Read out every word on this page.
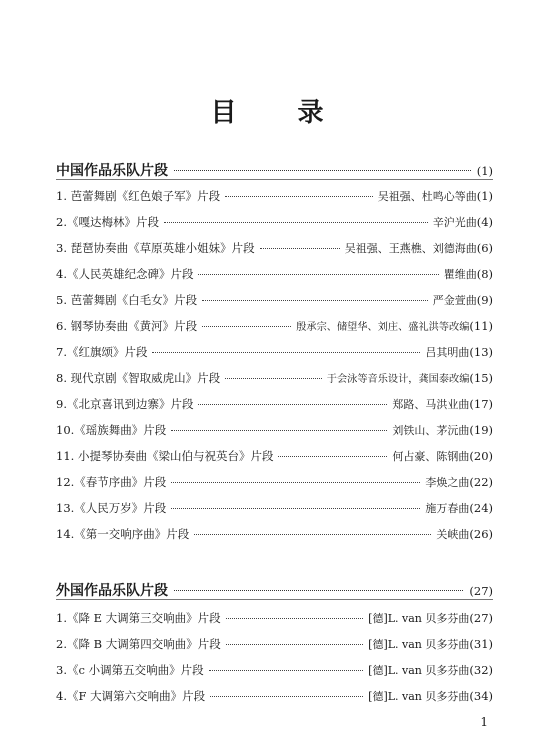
目 录
中国作品乐队片段	(1)
1. 芭蕾舞剧《红色娘子军》片段	吴祖强、杜鸣心等曲 (1)
2.《嘎达梅林》片段	辛沪光曲 (4)
3. 琵琶协奏曲《草原英雄小姐妹》片段	吴祖强、王燕樵、刘德海曲 (6)
4.《人民英雄纪念碑》片段	瞿维曲 (8)
5. 芭蕾舞剧《白毛女》片段	严金萱曲 (9)
6. 钢琴协奏曲《黄河》片段	殷承宗、储望华、刘庄、盛礼洪等改编 (11)
7.《红旗颂》片段	吕其明曲 (13)
8. 现代京剧《智取威虎山》片段	于会泳等音乐设计，龚国泰改编 (15)
9.《北京喜讯到边寨》片段	郑路、马洪业曲 (17)
10.《瑶族舞曲》片段	刘铁山、茅沅曲 (19)
11. 小提琴协奏曲《梁山伯与祝英台》片段	何占豪、陈钢曲 (20)
12.《春节序曲》片段	李焕之曲 (22)
13.《人民万岁》片段	施万春曲 (24)
14.《第一交响序曲》片段	关峡曲 (26)
外国作品乐队片段	(27)
1.《降 E 大调第三交响曲》片段	[德]L. van 贝多芬曲 (27)
2.《降 B 大调第四交响曲》片段	[德]L. van 贝多芬曲 (31)
3.《c 小调第五交响曲》片段	[德]L. van 贝多芬曲 (32)
4.《F 大调第六交响曲》片段	[德]L. van 贝多芬曲 (34)
1
